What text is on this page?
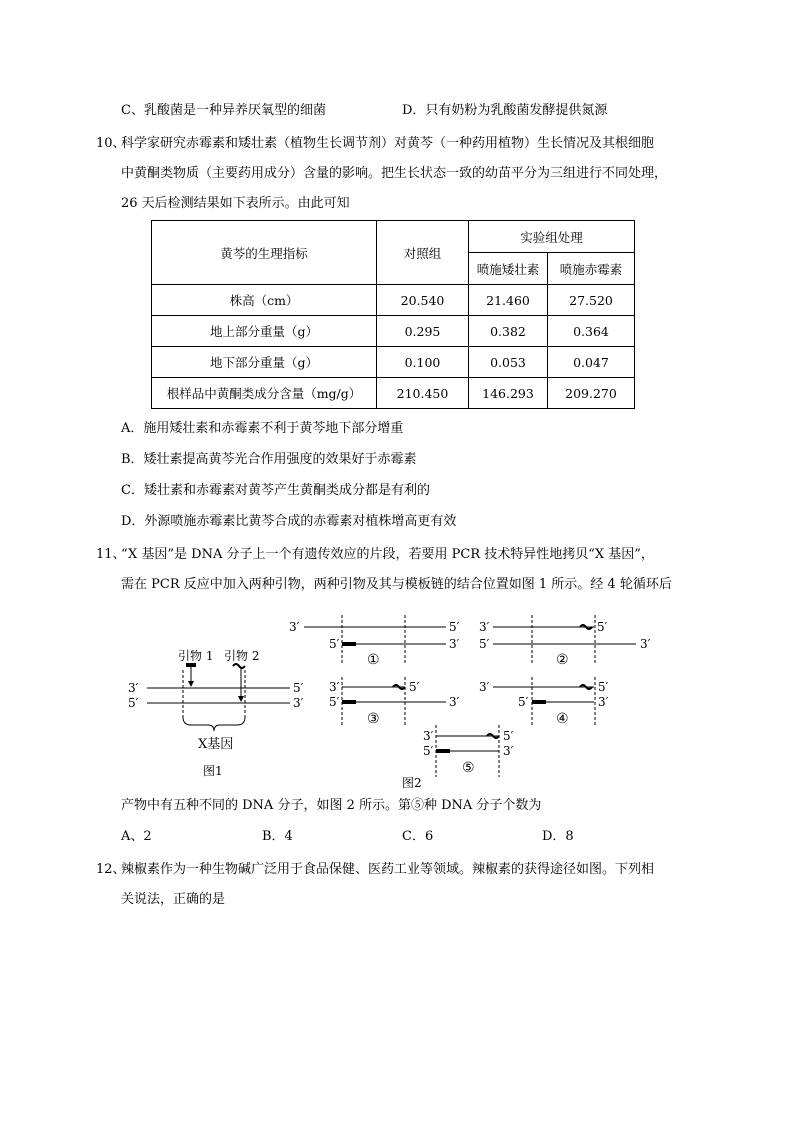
C、乳酸菌是一种异养厌氧型的细菌	D．只有奶粉为乳酸菌发酵提供氮源
10、
科学家研究赤霉素和矮壮素（植物生长调节剂）对黄芩（一种药用植物）生长情况及其根细胞
中黄酮类物质（主要药用成分）含量的影响。把生长状态一致的幼苗平分为三组进行不同处理，
26 天后检测结果如下表所示。由此可知
黄芩的生理指标	对照组	实验组处理	
		喷施矮壮素	喷施赤霉素
株高（cm）	20.540	21.460	27.520
地上部分重量（g）	0.295	0.382	0.364
地下部分重量（g）	0.100	0.053	0.047
根样品中黄酮类成分含量（mg/g）	210.450	146.293	209.270
A．施用矮壮素和赤霉素不利于黄芩地下部分增重
B．矮壮素提高黄芩光合作用强度的效果好于赤霉素
C．矮壮素和赤霉素对黄芩产生黄酮类成分都是有利的
D．外源喷施赤霉素比黄芩合成的赤霉素对植株增高更有效
11、
“X 基因”是 DNA 分子上一个有遗传效应的片段，若要用 PCR 技术特异性地拷贝“X 基因”，
需在 PCR 反应中加入两种引物，两种引物及其与模板链的结合位置如图 1 所示。经 4 轮循环后
3′
5′
5′
3′
引物 1 引物 2
X基因
图1
3′
5′
5′
3′
①
3′
5′
5′
3′
②
3′
5′
5′
3′
③
3′
5′
5′
3′
④
3′
5′
5′
3′
⑤
图2
产物中有五种不同的 DNA 分子，如图 2 所示。第⑤种 DNA 分子个数为
A、2	B．4	C．6	D．8
12、
辣椒素作为一种生物碱广泛用于食品保健、医药工业等领域。辣椒素的获得途径如图。下列相
关说法，正确的是
